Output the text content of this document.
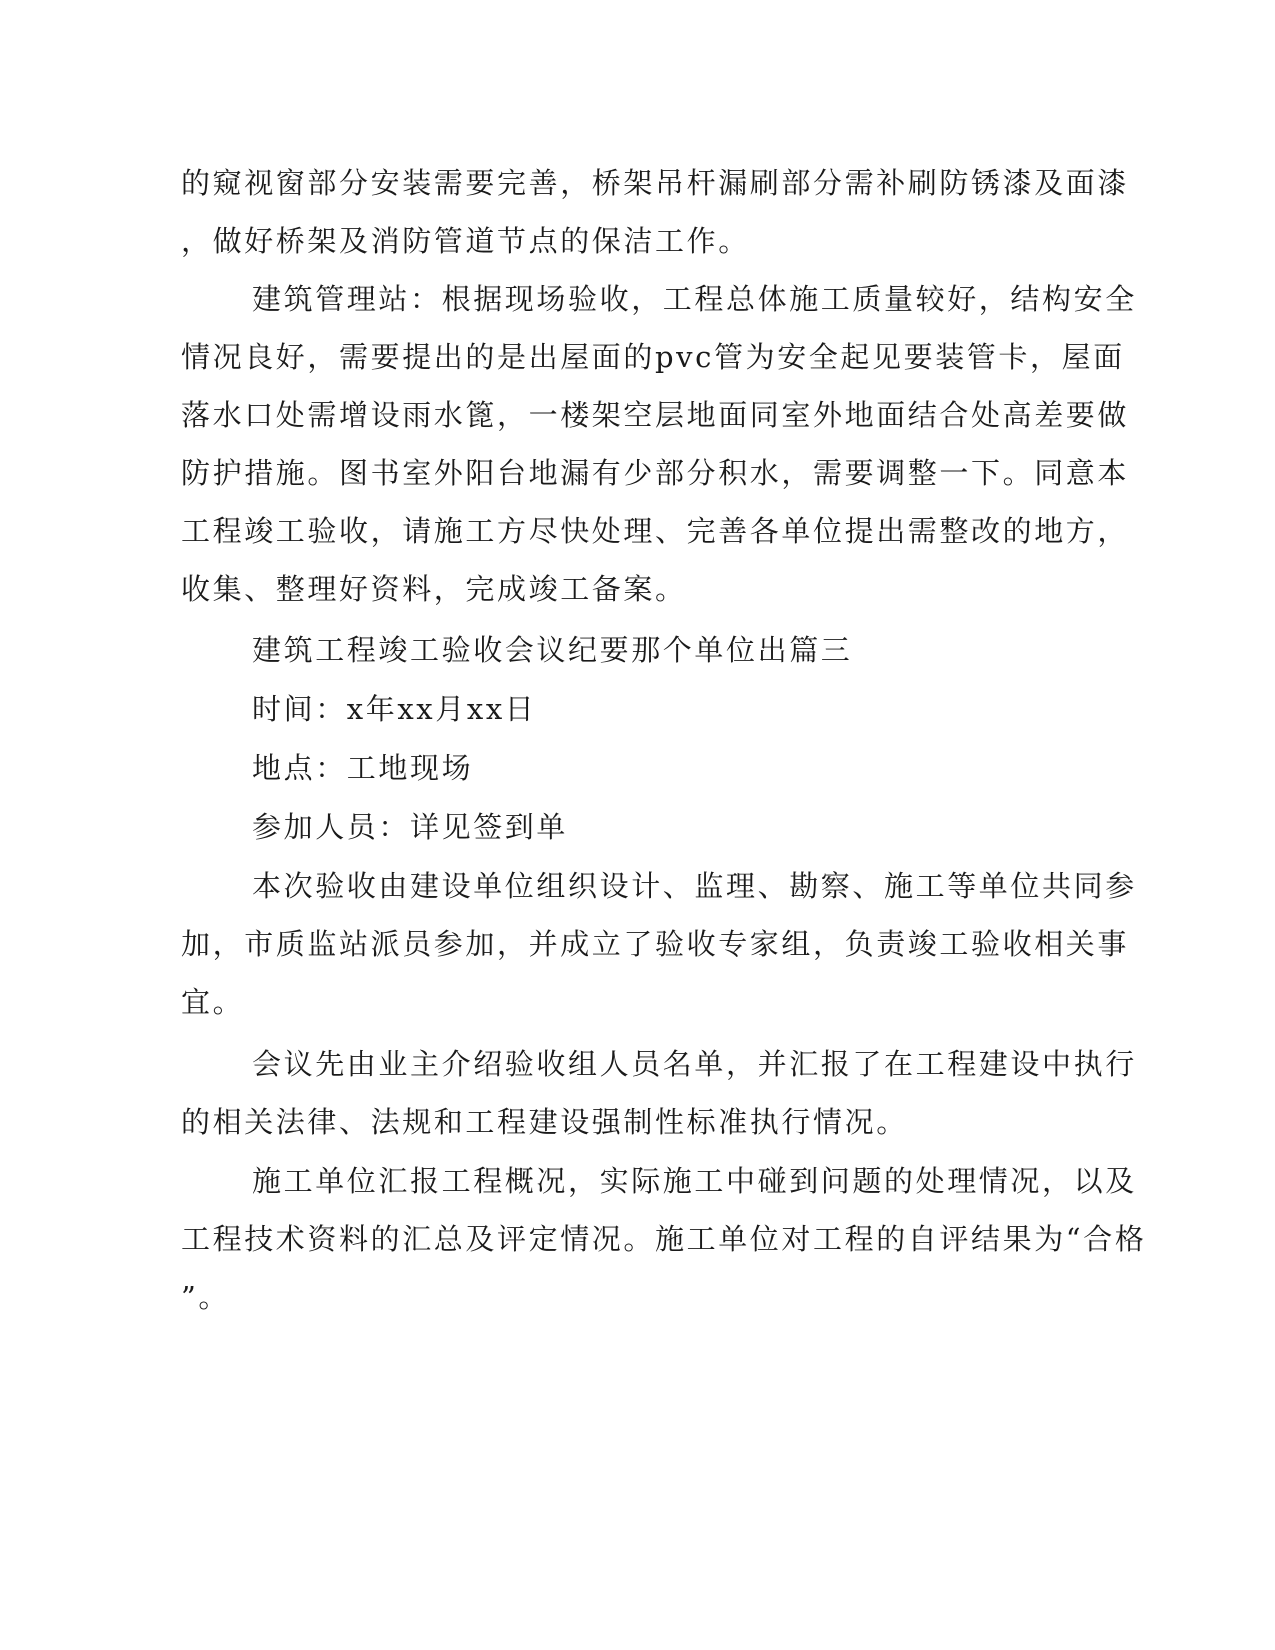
的窥视窗部分安装需要完善，桥架吊杆漏刷部分需补刷防锈漆及面漆
，做好桥架及消防管道节点的保洁工作。
建筑管理站：根据现场验收，工程总体施工质量较好，结构安全
情况良好，需要提出的是出屋面的pvc管为安全起见要装管卡，屋面
落水口处需增设雨水篦，一楼架空层地面同室外地面结合处高差要做
防护措施。图书室外阳台地漏有少部分积水，需要调整一下。同意本
工程竣工验收，请施工方尽快处理、完善各单位提出需整改的地方，
收集、整理好资料，完成竣工备案。
建筑工程竣工验收会议纪要那个单位出篇三
时间：x年xx月xx日
地点：工地现场
参加人员：详见签到单
本次验收由建设单位组织设计、监理、勘察、施工等单位共同参
加，市质监站派员参加，并成立了验收专家组，负责竣工验收相关事
宜。
会议先由业主介绍验收组人员名单，并汇报了在工程建设中执行
的相关法律、法规和工程建设强制性标准执行情况。
施工单位汇报工程概况，实际施工中碰到问题的处理情况，以及
工程技术资料的汇总及评定情况。施工单位对工程的自评结果为“合格
”。
